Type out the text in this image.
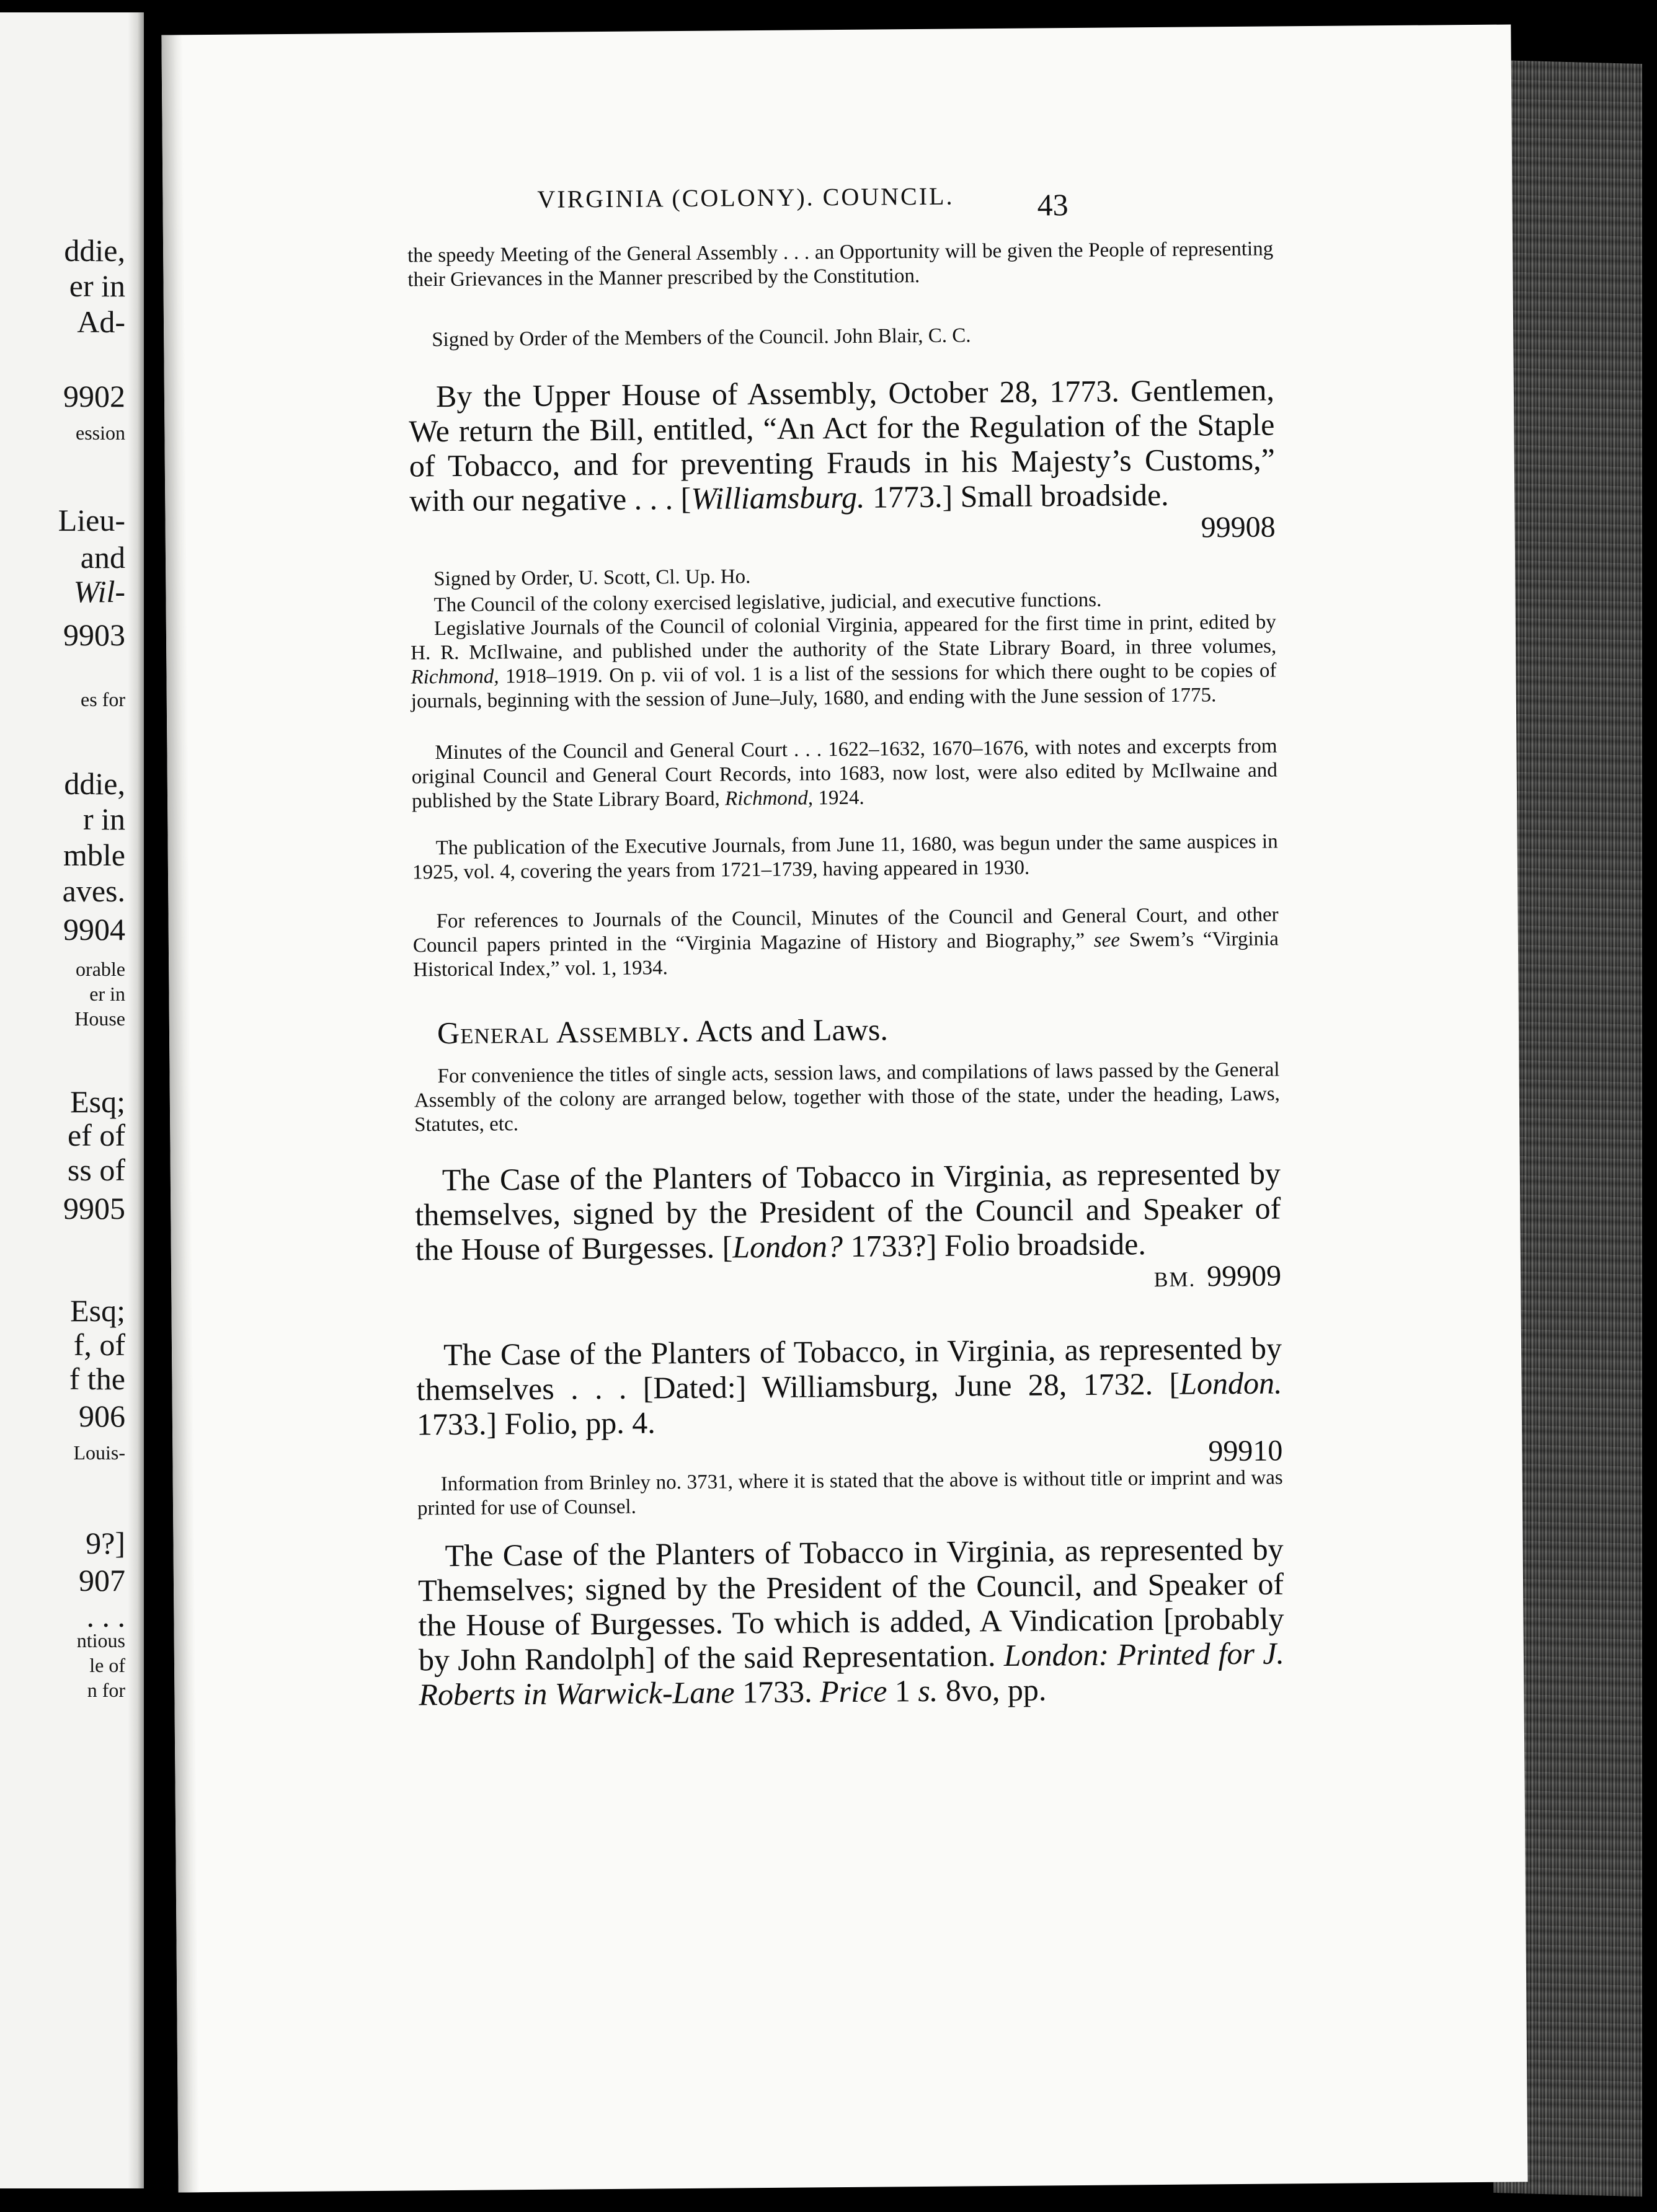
ddie,
er in
Ad-
9902
ession
Lieu-
and
Wil-
9903
es for
ddie,
r in
mble
aves.
9904
orable
er in
House
Esq;
ef of
ss of
9905
Esq;
f, of
f the
906
Louis-
9?]
907
. . .
ntious
le of
n for
VIRGINIA (COLONY). COUNCIL.	43
the speedy Meeting of the General Assembly . . . an Opportunity will be given the People of representing their Grievances in the Manner prescribed by the Constitution.
Signed by Order of the Members of the Council. John Blair, C. C.
By the Upper House of Assembly, October 28, 1773. Gentlemen, We return the Bill, entitled, “An Act for the Regulation of the Staple of Tobacco, and for preventing Frauds in his Majesty’s Customs,” with our negative . . . [Williamsburg. 1773.] Small broadside.
99908
Signed by Order, U. Scott, Cl. Up. Ho.
The Council of the colony exercised legislative, judicial, and executive functions.
Legislative Journals of the Council of colonial Virginia, appeared for the first time in print, edited by H. R. McIlwaine, and published under the authority of the State Library Board, in three volumes, Richmond, 1918–1919. On p. vii of vol. 1 is a list of the sessions for which there ought to be copies of journals, beginning with the session of June–July, 1680, and ending with the June session of 1775.
Minutes of the Council and General Court . . . 1622–1632, 1670–1676, with notes and excerpts from original Council and General Court Records, into 1683, now lost, were also edited by McIlwaine and published by the State Library Board, Richmond, 1924.
The publication of the Executive Journals, from June 11, 1680, was begun under the same auspices in 1925, vol. 4, covering the years from 1721–1739, having appeared in 1930.
For references to Journals of the Council, Minutes of the Council and General Court, and other Council papers printed in the “Virginia Magazine of History and Biography,” see Swem’s “Virginia Historical Index,” vol. 1, 1934.
General Assembly. Acts and Laws.
For convenience the titles of single acts, session laws, and compilations of laws passed by the General Assembly of the colony are arranged below, together with those of the state, under the heading, Laws, Statutes, etc.
The Case of the Planters of Tobacco in Virginia, as represented by themselves, signed by the President of the Council and Speaker of the House of Burgesses. [London? 1733?] Folio broadside.
BM. 99909
The Case of the Planters of Tobacco, in Virginia, as represented by themselves . . . [Dated:] Williamsburg, June 28, 1732. [London. 1733.] Folio, pp. 4.
99910
Information from Brinley no. 3731, where it is stated that the above is without title or imprint and was printed for use of Counsel.
The Case of the Planters of Tobacco in Virginia, as represented by Themselves; signed by the President of the Council, and Speaker of the House of Burgesses. To which is added, A Vindication [probably by John Randolph] of the said Representation. London: Printed for J. Roberts in Warwick-Lane 1733. Price 1 s. 8vo, pp.
